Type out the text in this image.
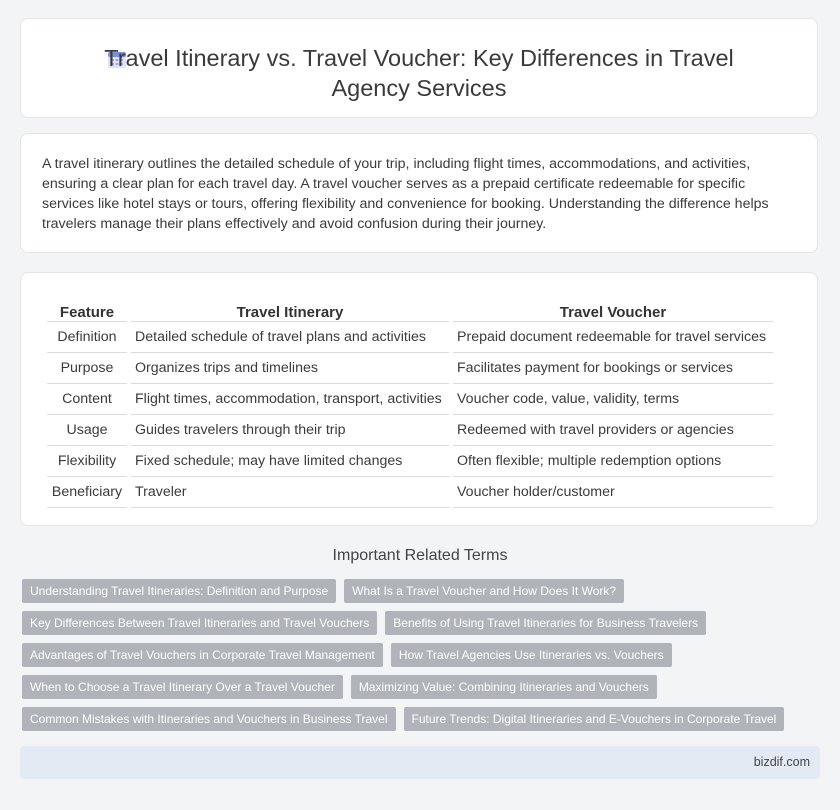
Travel Itinerary vs. Travel Voucher: Key Differences in Travel
Agency Services

A travel itinerary outlines the detailed schedule of your trip, including flight times, accommodations, and activities, ensuring a clear plan for each travel day. A travel voucher serves as a prepaid certificate redeemable for specific services like hotel stays or tours, offering flexibility and convenience for booking. Understanding the difference helps travelers manage their plans effectively and avoid confusion during their journey.

Feature	Travel Itinerary	Travel Voucher
Definition	Detailed schedule of travel plans and activities	Prepaid document redeemable for travel services
Purpose	Organizes trips and timelines	Facilitates payment for bookings or services
Content	Flight times, accommodation, transport, activities	Voucher code, value, validity, terms
Usage	Guides travelers through their trip	Redeemed with travel providers or agencies
Flexibility	Fixed schedule; may have limited changes	Often flexible; multiple redemption options
Beneficiary	Traveler	Voucher holder/customer
Important Related Terms
Understanding Travel Itineraries: Definition and Purpose What Is a Travel Voucher and How Does It Work?
Key Differences Between Travel Itineraries and Travel Vouchers Benefits of Using Travel Itineraries for Business Travelers
Advantages of Travel Vouchers in Corporate Travel Management How Travel Agencies Use Itineraries vs. Vouchers
When to Choose a Travel Itinerary Over a Travel Voucher Maximizing Value: Combining Itineraries and Vouchers
Common Mistakes with Itineraries and Vouchers in Business Travel Future Trends: Digital Itineraries and E-Vouchers in Corporate Travel
bizdif.com
